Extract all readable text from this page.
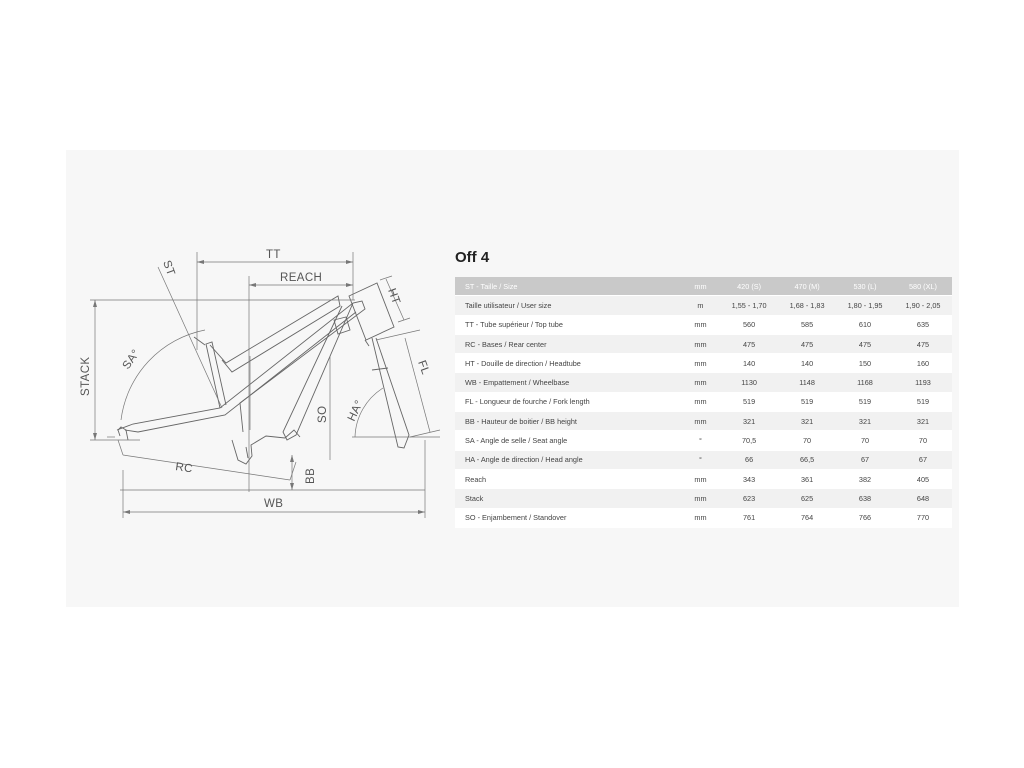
TT
REACH
ST
HT
STACK SA°	FL
SO HA°
RC	BB
WB
Off 4
ST - Taille / Size	mm	420 (S)	470 (M)	530 (L)	580 (XL)
Taille utilisateur / User size	m	1,55 - 1,70	1,68 - 1,83	1,80 - 1,95	1,90 - 2,05
TT - Tube supérieur / Top tube	mm	560	585	610	635
RC - Bases / Rear center	mm	475	475	475	475
HT - Douille de direction / Headtube	mm	140	140	150	160
WB - Empattement / Wheelbase	mm	1130	1148	1168	1193
FL - Longueur de fourche / Fork length	mm	519	519	519	519
BB - Hauteur de boitier / BB height	mm	321	321	321	321
SA - Angle de selle / Seat angle	°	70,5	70	70	70
HA - Angle de direction / Head angle	°	66	66,5	67	67
Reach	mm	343	361	382	405
Stack	mm	623	625	638	648
SO - Enjambement / Standover	mm	761	764	766	770
